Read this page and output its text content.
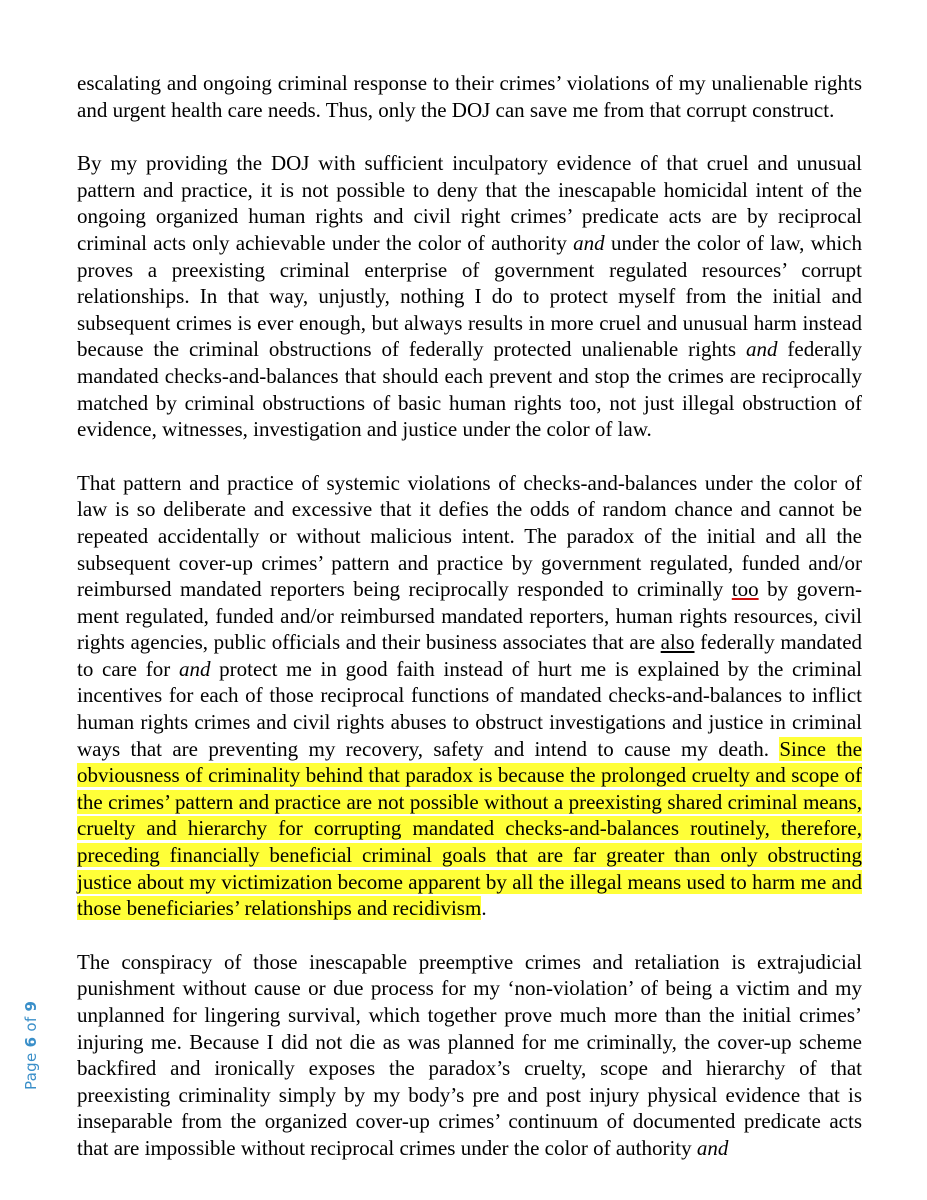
escalating and ongoing criminal response to their crimes’ violations of my unalienable rights and urgent health care needs. Thus, only the DOJ can save me from that corrupt construct.

By my providing the DOJ with sufficient inculpatory evidence of that cruel and unusual pattern and practice, it is not possible to deny that the inescapable homicidal intent of the ongoing organized human rights and civil right crimes’ predicate acts are by reciprocal criminal acts only achievable under the color of authority and under the color of law, which proves a preexisting criminal enterprise of government regulated resources’ corrupt relationships. In that way, unjustly, nothing I do to protect myself from the initial and subsequent crimes is ever enough, but always results in more cruel and unusual harm instead because the criminal obstructions of federally protected unalienable rights and federally mandated checks-and-balances that should each prevent and stop the crimes are reciprocally matched by criminal obstructions of basic human rights too, not just illegal obstruction of evidence, witnesses, investigation and justice under the color of law.

That pattern and practice of systemic violations of checks-and-balances under the color of law is so deliberate and excessive that it defies the odds of random chance and cannot be repeated accidentally or without malicious intent. The paradox of the initial and all the subsequent cover-up crimes’ pattern and practice by government regulated, funded and/or reimbursed mandated reporters being reciprocally responded to criminally too by government regulated, funded and/or reimbursed mandated reporters, human rights resources, civil rights agencies, public officials and their business associates that are also federally mandated to care for and protect me in good faith instead of hurt me is explained by the criminal incentives for each of those reciprocal functions of mandated checks-and-balances to inflict human rights crimes and civil rights abuses to obstruct investigations and justice in criminal ways that are preventing my recovery, safety and intend to cause my death. Since the obviousness of criminality behind that paradox is because the prolonged cruelty and scope of the crimes’ pattern and practice are not possible without a preexisting shared criminal means, cruelty and hierarchy for corrupting mandated checks-and-balances routinely, therefore, preceding financially beneficial criminal goals that are far greater than only obstructing justice about my victimization become apparent by all the illegal means used to harm me and those beneficiaries’ relationships and recidivism.

The conspiracy of those inescapable preemptive crimes and retaliation is extrajudicial punishment without cause or due process for my ‘non-violation’ of being a victim and my unplanned for lingering survival, which together prove much more than the initial crimes’ injuring me. Because I did not die as was planned for me criminally, the cover-up scheme backfired and ironically exposes the paradox’s cruelty, scope and hierarchy of that preexisting criminality simply by my body’s pre and post injury physical evidence that is inseparable from the organized cover-up crimes’ continuum of documented predicate acts that are impossible without reciprocal crimes under the color of authority and

Page 6 of 9
